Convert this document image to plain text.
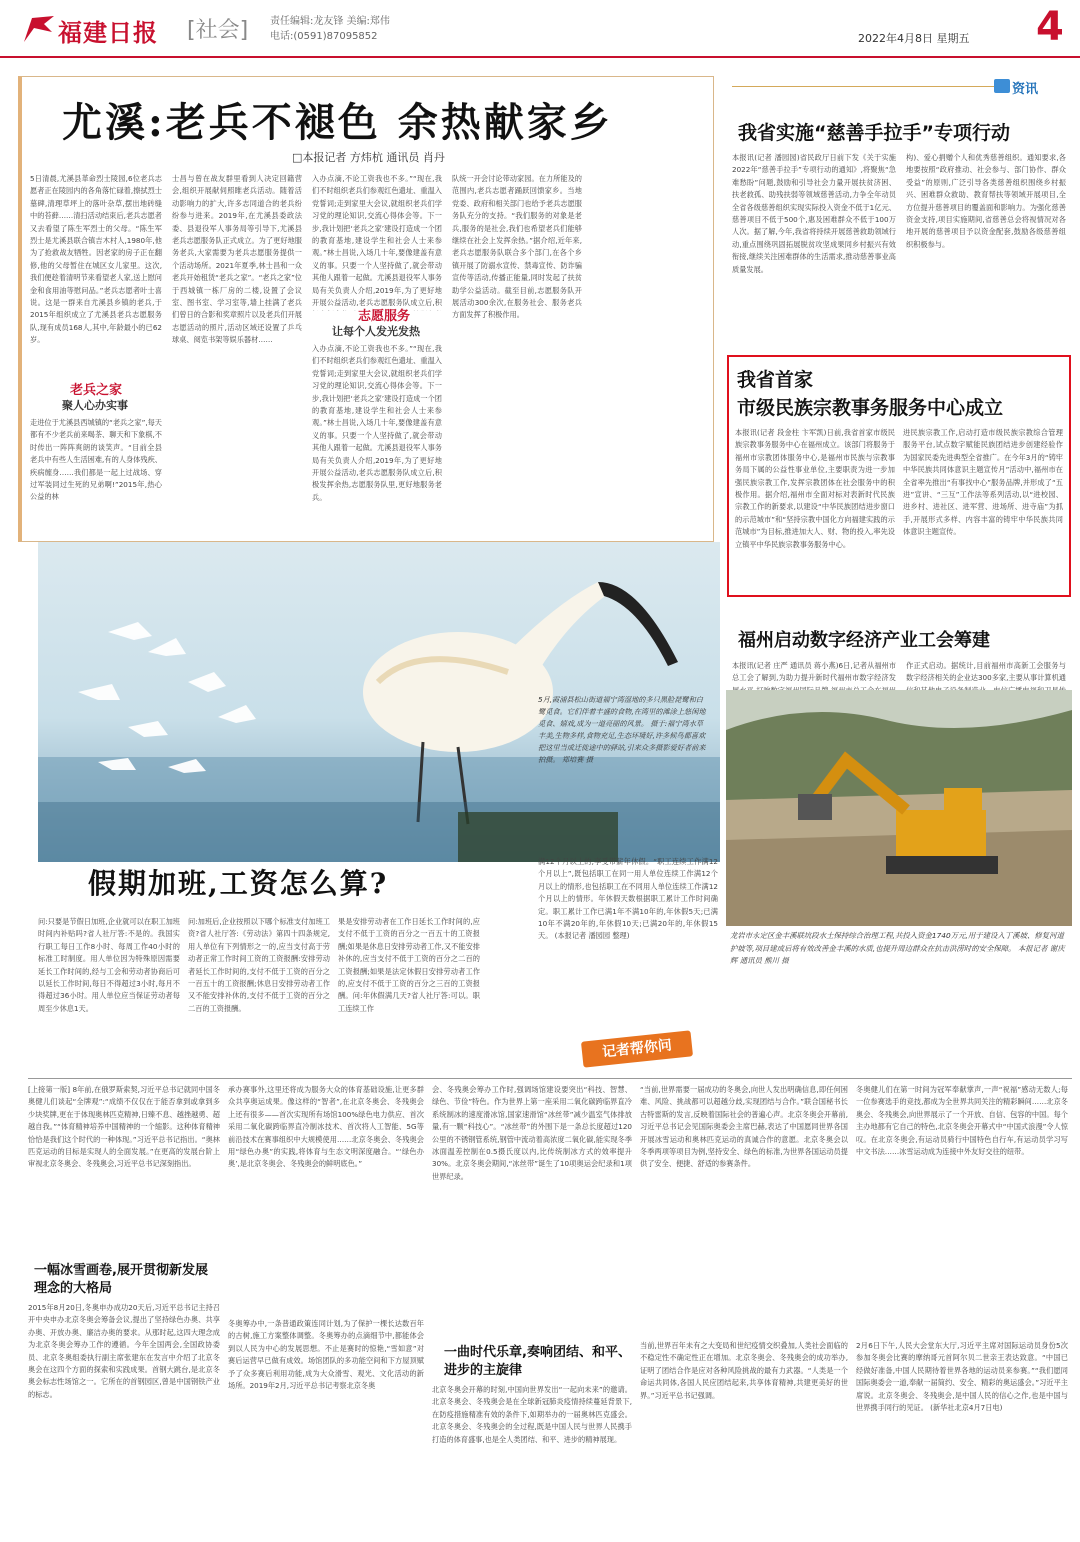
福建日报 [社会] 责任编辑:龙友锋 美编:郑伟
电话:(0591)87095852	2022年4月8日 星期五 4
尤溪:老兵不褪色 余热献家乡
□本报记者 方炜杭 通讯员 肖丹
5日清晨,尤溪县革命烈士陵园,6位老兵志愿者正在陵园内的各角落忙碌着,擦拭烈士墓碑,清理草坪上的落叶杂草,摆出地砖缝中的苔藓……清扫活动结束后,老兵志愿者又去看望了陈生军烈士的父母。“陈生军烈士是尤溪县联合镇吉木村人,1980年,他为了抢救战友牺牲。因老家的房子正在翻修,他的父母暂住在城区女儿家里。这次,我们便趁着清明节来看望老人家,送上慰问金和食用油等慰问品。”老兵志愿者叶士喜说。这是一群来自尤溪县乡镇的老兵,于2015年组织成立了尤溪县老兵志愿服务队,现有成员168人,其中,年龄最小的已62岁。
老兵之家
聚人心办实事
走进位于尤溪县西城镇的“老兵之家”,每天都有不少老兵前来喝茶、聊天和下象棋,不时传出一阵阵爽朗的谈笑声。“目前全县老兵中有些人生活困难,有的人身体残疾、疾病缠身……我们都是一起上过战场、穿过军装同过生死的兄弟啊!”2015年,热心公益的林
士昌与曾在战友群里看到人决定回籍营会,组织开展献伺照睢老兵活动。随着活动影响力的扩大,许多志同道合的老兵纷纷参与进来。2019年,在尤溪县委政法委、县退役军人事务局等引导下,尤溪县老兵志愿服务队正式成立。为了更好地服务老兵,大家需要为老兵志愿服务提供一个活动场所。2021年夏季,林士昌和一众老兵开始租赁“老兵之家”。“老兵之家”位于西城镇一栋厂房的二楼,设置了会议室、图书室、学习室等,墙上挂满了老兵们曾日的合影和奖章照片以及老兵们开展志愿活动的照片,活动区域还设置了乒乓球桌、阅览书架等娱乐器材……
入办点滴,不论工资我也不多。”“现在,我们不时组织老兵们参观红色遗址、重温入党誓词;走到家里大会议,就组织老兵们学习党的理论知识,交流心得体会等。下一步,我计划把‘老兵之家’建设打造成一个团的教育基地,建设学生和社会人士来参观。”林士昌说,入场几十年,要像建盖有意义的事。只要一个人坚持做了,就会带动其他人跟着一起做。尤溪县退役军人事务局有关负责人介绍,2019年,为了更好地开展公益活动,老兵志愿服务队成立后,积
志愿服务
让每个人发光发热
入办点滴,不论工资我也不多。”“现在,我们不时组织老兵们参观红色遗址、重温入党誓词;走到家里大会议,就组织老兵们学习党的理论知识,交流心得体会等。下一步,我计划把‘老兵之家’建设打造成一个团的教育基地,建设学生和社会人士来参观。”林士昌说,入场几十年,要像建盖有意义的事。只要一个人坚持做了,就会带动其他人跟着一起做。尤溪县退役军人事务局有关负责人介绍,2019年,为了更好地开展公益活动,老兵志愿服务队成立后,积极发挥余热,志愿服务队里,更好地服务老兵。
队统一开会讨论带动家园。在力所能及的范围内,老兵志愿者踊跃回馈家乡。当地党委、政府和相关部门也给予老兵志愿服务队充分的支持。“我们服务的对象是老兵,服务的是社会,我们也希望老兵们能够继续在社会上发挥余热。”据介绍,近年来,老兵志愿服务队联合多个部门,在各个乡镇开展了防溺水宣传、禁毒宣传、防诈骗宣传等活动,传播正能量,同时发起了扶贫助学公益活动。截至目前,志愿服务队开展活动300余次,在服务社会、服务老兵方面发挥了积极作用。
资讯
我省实施“慈善手拉手”专项行动
本报讯(记者 潘园园)省民政厅日前下发《关于实施2022年“慈善手拉手”专项行动的通知》,将聚焦“急难愁盼”问题,鼓励和引导社会力量开展扶贫济困、扶老救孤、助残扶弱等领域慈善活动,力争全年动员全省各级慈善组织实现实际投入资金不低于1亿元、慈善项目不低于500个,惠及困难群众不低于100万人次。据了解,今年,我省将持续开展慈善救助领域行动,重点围绕巩固拓展脱贫攻坚成果同乡村振兴有效衔接,继续关注困难群体的生活需求,推动慈善事业高质量发展。
构)、爱心捐赠个人和优秀慈善组织。通知要求,各地要按照“政府推动、社会参与、部门协作、群众受益”的原则,广泛引导各类慈善组织围绕乡村振兴、困难群众救助、教育帮扶等领域开展项目,全方位提升慈善项目的覆盖面和影响力。为强化慈善资金支持,项目实施期间,省慈善总会将视情况对各地开展的慈善项目予以资金配套,鼓励各级慈善组织积极参与。
我省首家
市级民族宗教事务服务中心成立
本报讯(记者 段金柱 卞军凯)日前,我省首家市级民族宗教事务服务中心在福州成立。该部门将服务于福州市宗教团体服务中心,是福州市民族与宗教事务局下属的公益性事业单位,主要职责为进一步加强民族宗教工作,发挥宗教团体在社会服务中的积极作用。据介绍,福州市全面对标对表新时代民族宗教工作的新要求,以建设“中华民族团结进步窗口的示范城市”和“坚持宗教中国化方向福建实践的示范城市”为目标,推进加大人、财、物的投入,率先设立镇平中华民族宗教事务服务中心。
进民族宗教工作,启动打造市级民族宗教综合管理服务平台,试点数字赋能民族团结进步创建经验作为国家民委先进典型全省推广。在今年3月的“铸牢中华民族共同体意识主题宣传月”活动中,福州市在全省率先推出“有事找中心”服务品牌,并形成了“五进”宣讲、“三互”工作法等系列活动,以“进校园、进乡村、进社区、进军营、进场所、进寺庙”为抓手,开展形式多样、内容丰富的铸牢中华民族共同体意识主题宣传。
福州启动数字经济产业工会筹建
本报讯(记者 庄严 通讯员 蒋小燕)6日,记者从福州市总工会了解到,为助力提升新时代福州市数字经济发
作正式启动。据统计,目前福州市高新工会服务与数字经济相关的企业达300多家,主要从事计算机通
5月,霞浦县松山街道福宁湾湿地的多只黑脸琵鹭和白鹭觅食。它们伴着丰盛的食物,在湾里的滩涂上悠闲地觅食、嬉戏,成为一道亮丽的风景。 摄于:福宁湾水草丰美,生物多样,食物充足,生态环境好,许多候鸟都喜欢把这里当成迁徙途中的驿站,引来众多摄影爱好者前来拍摄。 郑培赛 摄
龙岩市永定区金丰溪联坑段水土保持综合治理工程,共投入资金1740万元,用于建设入丁溪坡、修复河道护坡等,项目建成后将有效改善金丰溪的水质,也提升周边群众在抗击洪涝时的安全保障。 本报记者 谢庆辉 通讯员 熊川 摄
假期加班,工资怎么算?
问:只要是节假日加班,企业就可以在职工加班时间内补贴吗?省人社厅答:不是的。我国实行职工每日工作8小时、每周工作40小时的标准工时制度。用人单位因为特殊原因需要延长工作时间的,经与工会和劳动者协商后可以延长工作时间,每日不得超过3小时,每月不得超过36小时。用人单位应当保证劳动者每周至少休息1天。
问:加班后,企业按照以下哪个标准支付加班工资?省人社厅答:《劳动法》第四十四条规定,用人单位有下列情形之一的,应当支付高于劳动者正常工作时间工资的工资报酬:安排劳动者延长工作时间的,支付不低于工资的百分之一百五十的工资报酬;休息日安排劳动者工作又不能安排补休的,支付不低于工资的百分之二百的工资报酬。
果是安排劳动者在工作日延长工作时间的,应支付不低于工资的百分之一百五十的工资报酬;如果是休息日安排劳动者工作,又不能安排补休的,应当支付不低于工资的百分之二百的工资报酬;如果是法定休假日安排劳动者工作的,应支付不低于工资的百分之三百的工资报酬。问:年休假满几天?省人社厅答:可以。职工连续工作
满12个月以上的,享受带薪年休假。“职工连续工作满12个月以上”,既包括职工在同一用人单位连续工作满12个月以上的情形,也包括职工在不同用人单位连续工作满12个月以上的情形。年休假天数根据职工累计工作时间确定。职工累计工作已满1年不满10年的,年休假5天;已满10年不满20年的,年休假10天;已满20年的,年休假15天。 (本报记者 潘园园 整理)
记者帮你问
[上接第一版] 8年前,在俄罗斯索契,习近平总书记就同中国冬奥健儿们谈起“全牌观”:“成绩不仅仅在于能否拿到或拿到多少块奖牌,更在于体现奥林匹克精神,日臻不息、越挫越勇、超越自我。”“体育精神培养中国精神的一个缩影。这种体育精神恰恰是我们这个时代的一种体现。”习近平总书记指出。“奥林匹克运动的目标是实现人的全面发展。”在更高的发展台阶上审视北京冬奥会、冬残奥会,习近平总书记深刻指出。
一幅冰雪画卷,展开贯彻新发展理念的大格局
2015年8月20日,冬奥申办成功20天后,习近平总书记主持召开中央申办北京冬奥会筹备会议,提出了坚持绿色办奥、共享办奥、开放办奥、廉洁办奥的要求。从那时起,这四大理念成为北京冬奥会筹办工作的遵循。今年全国两会,全国政协委员、北京冬奥组委执行副主席张建东在发言中介绍了北京冬奥会在这四个方面的探索和实践成果。首钢大跳台,是北京冬奥会标志性场馆之一。它所在的首钢园区,曾是中国钢铁产业的标志。
承办赛事外,这里还将成为服务大众的体育基础设施,让更多群众共享奥运成果。像这样的“智者”,在北京冬奥会、冬残奥会上还有很多——首次实现所有场馆100%绿色电力供应、首次采用二氧化碳跨临界直冷制冰技术、首次将人工智能、5G等前沿技术在赛事组织中大规模使用……北京冬奥会、冬残奥会用“绿色办奥”的实践,将体育与生态文明深度融合。“‘绿色办奥’,是北京冬奥会、冬残奥会的鲜明底色。”
冬奥筹办中,一条普通政策连同计划,为了保护一棵长达数百年的古树,施工方案整体调整。冬奥筹办的点滴细节中,都能体会到以人民为中心的发展思想。不止是赛时的惊艳,“雪如意”对赛后运营早已做有成效。场馆团队的多功能空间和下方屋顶赋予了众多赛后利用功能,成为大众滑雪、观光、文化活动的新场所。2019年2月,习近平总书记考察北京冬奥
会、冬残奥会筹办工作时,强调场馆建设要突出“科技、智慧、绿色、节俭”特色。作为世界上第一座采用二氧化碳跨临界直冷系统制冰的速度滑冰馆,国家速滑馆“冰丝带”减少温室气体排放量,有一颗“科技心”。“冰丝带”的外围下是一条总长度超过120公里的不锈钢管系统,钢管中流动着高浓度二氧化碳,能实现冬季冰面温差控制在0.5摄氏度以内,比传统制冰方式的效率提升30%。北京冬奥会期间,“冰丝带”诞生了10项奥运会纪录和1项世界纪录。
一曲时代乐章,奏响团结、和平、进步的主旋律
北京冬奥会开幕的时刻,中国向世界发出“一起向未来”的邀请。北京冬奥会、冬残奥会是在全球新冠肺炎疫情持续蔓延背景下,在防疫措施精准有效的条件下,如期举办的一届奥林匹克盛会。北京冬奥会、冬残奥会的全过程,既是中国人民与世界人民携手打造的体育盛事,也是全人类团结、和平、进步的精神展现。
“当前,世界需要一届成功的冬奥会,向世人发出明确信息,即任何困难、风险、挑战都可以超越分歧,实现团结与合作。”联合国秘书长古特雷斯的发言,反映着国际社会的普遍心声。北京冬奥会开幕前,习近平总书记会见国际奥委会主席巴赫,表达了中国愿同世界各国开展冰雪运动和奥林匹克运动的真诚合作的意愿。北京冬奥会以冬季两项等项目为例,坚持安全、绿色的标准,为世界各国运动员提供了安全、便捷、舒适的参赛条件。
当前,世界百年未有之大变局和世纪疫情交织叠加,人类社会面临的不稳定性不确定性正在增加。北京冬奥会、冬残奥会的成功举办,证明了团结合作是应对各种风险挑战的最有力武器。“人类是一个命运共同体,各国人民应团结起来,共享体育精神,共建更美好的世界。”习近平总书记强调。
冬奥健儿们在第一时间为冠军奉献掌声,一声“祝福”感动无数人;每一位参赛选手的竞技,都成为全世界共同关注的精彩瞬间……北京冬奥会、冬残奥会,向世界展示了一个开放、自信、包容的中国。每个主办地都有它自己的特色,北京冬奥会开幕式中“中国式浪漫”令人惊叹。在北京冬奥会,有运动员骑行中国特色自行车,有运动员学习写中文书法……冰雪运动成为连接中外友好交往的纽带。
2月6日下午,人民大会堂东大厅,习近平主席对国际运动员身份5次参加冬奥会比赛的摩纳哥元首阿尔贝二世亲王表达致意。“中国已经做好准备,中国人民期待着世界各地的运动员来参赛。”“我们愿同国际奥委会一道,奉献一届简约、安全、精彩的奥运盛会。”习近平主席说。北京冬奥会、冬残奥会,是中国人民的信心之作,也是中国与世界携手同行的见证。 (新华社北京4月7日电)
